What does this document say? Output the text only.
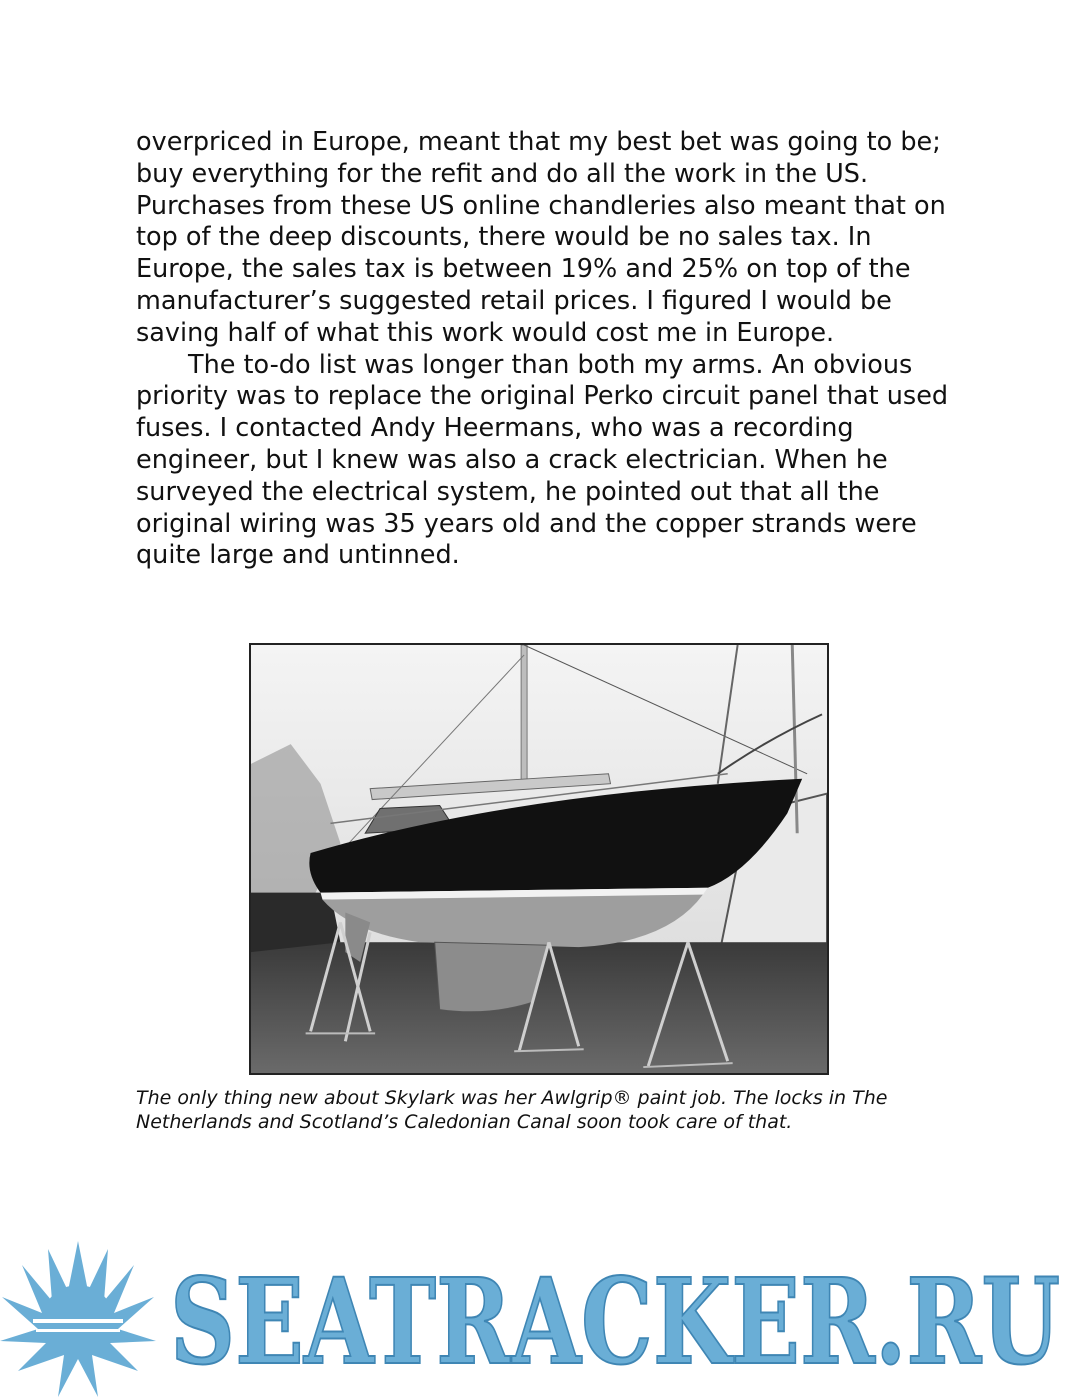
overpriced in Europe, meant that my best bet was going to be; buy everything for the refit and do all the work in the US. Purchases from these US online chandleries also meant that on top of the deep discounts, there would be no sales tax. In Europe, the sales tax is between 19% and 25% on top of the manufacturer’s suggested retail prices. I figured I would be saving half of what this work would cost me in Europe.

The to-do list was longer than both my arms. An obvious priority was to replace the original Perko circuit panel that used fuses. I contacted Andy Heermans, who was a recording engineer, but I knew was also a crack electrician. When he surveyed the electrical system, he pointed out that all the original wiring was 35 years old and the copper strands were quite large and untinned.

The only thing new about Skylark was her Awlgrip® paint job. The locks in The Netherlands and Scotland’s Caledonian Canal soon took care of that.

SEATRACKER.RU
